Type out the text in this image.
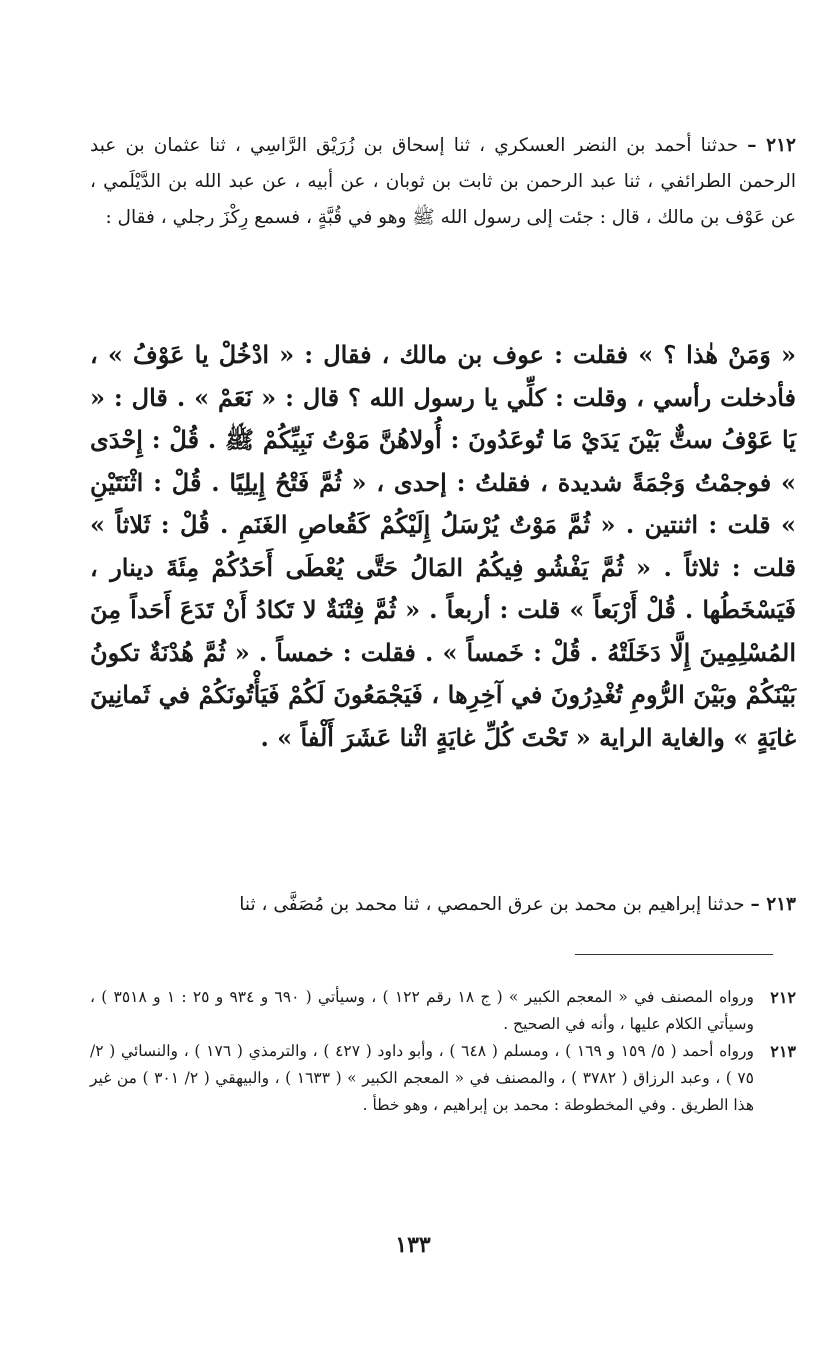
٢١٢ – حدثنا أحمد بن النضر العسكري ، ثنا إسحاق بن زُرَيْق الرَّاسِي ، ثنا عثمان بن عبد الرحمن الطرائفي ، ثنا عبد الرحمن بن ثابت بن ثوبان ، عن أبيه ، عن عبد الله بن الدَّيْلَمي ، عن عَوْف بن مالك ، قال : جئت إلى رسول الله ﷺ وهو في قُبَّةٍ ، فسمع رِكْزَ رجلي ، فقال :
« وَمَنْ هٰذا ؟ » فقلت : عوف بن مالك ، فقال : « ادْخُلْ يا عَوْفُ » ، فأدخلت رأسي ، وقلت : كلِّي يا رسول الله ؟ قال : « نَعَمْ » . قال : « يَا عَوْفُ ستٌّ بَيْنَ يَدَيْ مَا تُوعَدُونَ : أُولاهُنَّ مَوْتُ نَبِيِّكُمْ ﷺ . قُلْ : إِحْدَى » فوجمْتُ وَجْمَةً شديدة ، فقلتُ : إحدى ، « ثُمَّ فَتْحُ إِيلِيًا . قُلْ : اثْنَتَيْنِ » قلت : اثنتين . « ثُمَّ مَوْتٌ يُرْسَلُ إِلَيْكُمْ كَقُعاصِ الغَنَمِ . قُلْ : ثَلاثاً » قلت : ثلاثاً . « ثُمَّ يَفْشُو فِيكُمُ المَالُ حَتَّى يُعْطَى أَحَدُكُمْ مِئَةَ دينار ، فَيَسْخَطُها . قُلْ أَرْبَعاً » قلت : أربعاً . « ثُمَّ فِتْنَةٌ لا تَكادُ أَنْ تَدَعَ أَحَداً مِنَ المُسْلِمِينَ إِلَّا دَخَلَتْهُ . قُلْ : خَمساً » . فقلت : خمساً . « ثُمَّ هُدْنَةٌ تكونُ بَيْنَكُمْ وبَيْنَ الرُّومِ تُغْدِرُونَ في آخِرِها ، فَيَجْمَعُونَ لَكُمْ فَيَأْتُونَكُمْ في ثَمانِينَ غايَةٍ » والغاية الراية « تَحْتَ كُلِّ غايَةٍ اثْنا عَشَرَ أَلْفاً » .
٢١٣ – حدثنا إبراهيم بن محمد بن عرق الحمصي ، ثنا محمد بن مُصَفَّى ، ثنا
٢١٢
ورواه المصنف في « المعجم الكبير » ( ج ١٨ رقم ١٢٢ ) ، وسيأتي ( ٦٩٠ و ٩٣٤ و ٢٥ : ١ و ٣٥١٨ ) ، وسيأتي الكلام عليها ، وأنه في الصحيح .
٢١٣
ورواه أحمد ( ٥/ ١٥٩ و ١٦٩ ) ، ومسلم ( ٦٤٨ ) ، وأبو داود ( ٤٢٧ ) ، والترمذي ( ١٧٦ ) ، والنسائي ( ٢/ ٧٥ ) ، وعبد الرزاق ( ٣٧٨٢ ) ، والمصنف في « المعجم الكبير » ( ١٦٣٣ ) ، والبيهقي ( ٢/ ٣٠١ ) من غير هذا الطريق . وفي المخطوطة : محمد بن إبراهيم ، وهو خطأ .
١٣٣
